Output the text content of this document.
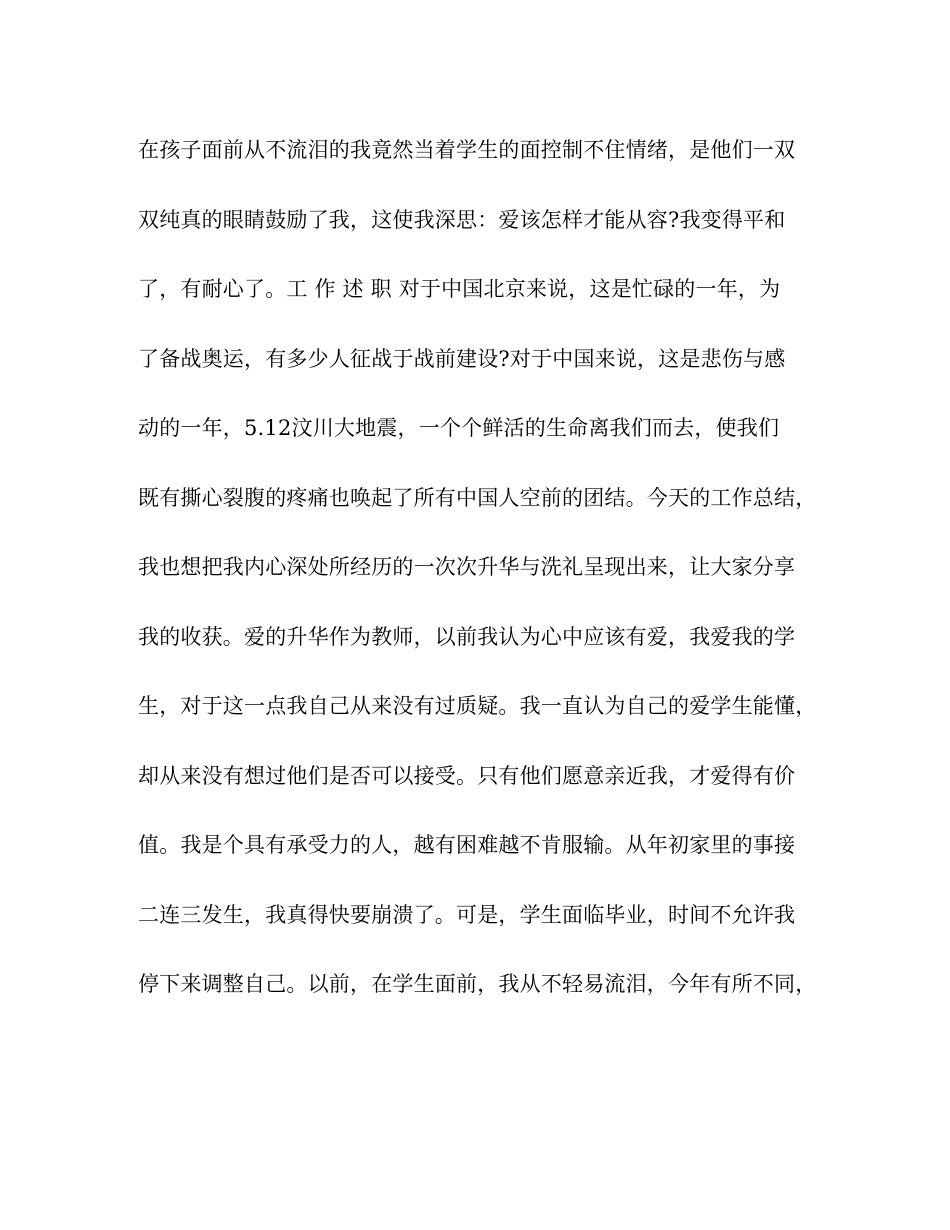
在孩子面前从不流泪的我竟然当着学生的面控制不住情绪，是他们一双
双纯真的眼睛鼓励了我，这使我深思：爱该怎样才能从容?我变得平和
了，有耐心了。工 作 述 职 对于中国北京来说，这是忙碌的一年，为
了备战奥运，有多少人征战于战前建设?对于中国来说，这是悲伤与感
动的一年，5.12汶川大地震，一个个鲜活的生命离我们而去，使我们
既有撕心裂腹的疼痛也唤起了所有中国人空前的团结。今天的工作总结，
我也想把我内心深处所经历的一次次升华与洗礼呈现出来，让大家分享
我的收获。爱的升华作为教师，以前我认为心中应该有爱，我爱我的学
生，对于这一点我自己从来没有过质疑。我一直认为自己的爱学生能懂，
却从来没有想过他们是否可以接受。只有他们愿意亲近我，才爱得有价
值。我是个具有承受力的人，越有困难越不肯服输。从年初家里的事接
二连三发生，我真得快要崩溃了。可是，学生面临毕业，时间不允许我
停下来调整自己。以前，在学生面前，我从不轻易流泪，今年有所不同，
